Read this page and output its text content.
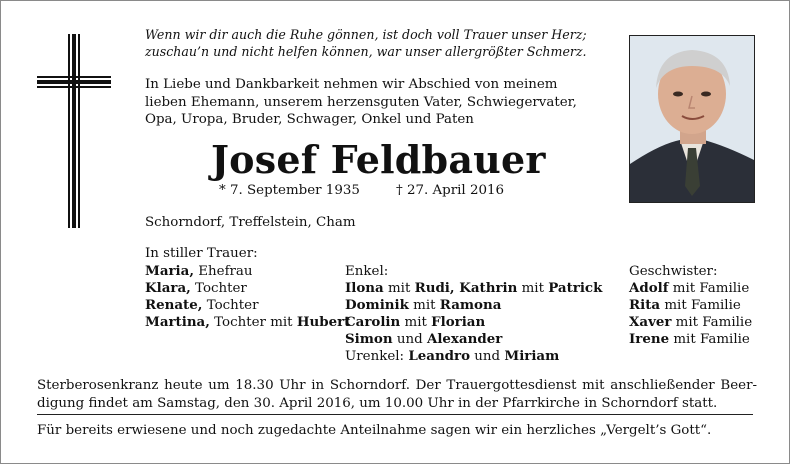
Wenn wir dir auch die Ruhe gönnen, ist doch voll Trauer unser Herz;
zuschau’n und nicht helfen können, war unser allergrößter Schmerz.
In Liebe und Dankbarkeit nehmen wir Abschied von meinem
lieben Ehemann, unserem herzensguten Vater, Schwiegervater,
Opa, Uropa, Bruder, Schwager, Onkel und Paten
Josef Feldbauer
* 7. September 1935	† 27. April 2016
Schorndorf, Treffelstein, Cham
In stiller Trauer:
Maria, Ehefrau
Klara, Tochter
Renate, Tochter
Martina, Tochter mit Hubert
Enkel:
Ilona mit Rudi, Kathrin mit Patrick
Dominik mit Ramona
Carolin mit Florian
Simon und Alexander
Urenkel: Leandro und Miriam
Geschwister:
Adolf mit Familie
Rita mit Familie
Xaver mit Familie
Irene mit Familie
Sterberosenkranz heute um 18.30 Uhr in Schorndorf. Der Trauergottesdienst mit anschließender Beer-
digung findet am Samstag, den 30. April 2016, um 10.00 Uhr in der Pfarrkirche in Schorndorf statt.
Für bereits erwiesene und noch zugedachte Anteilnahme sagen wir ein herzliches „Vergelt’s Gott“.
